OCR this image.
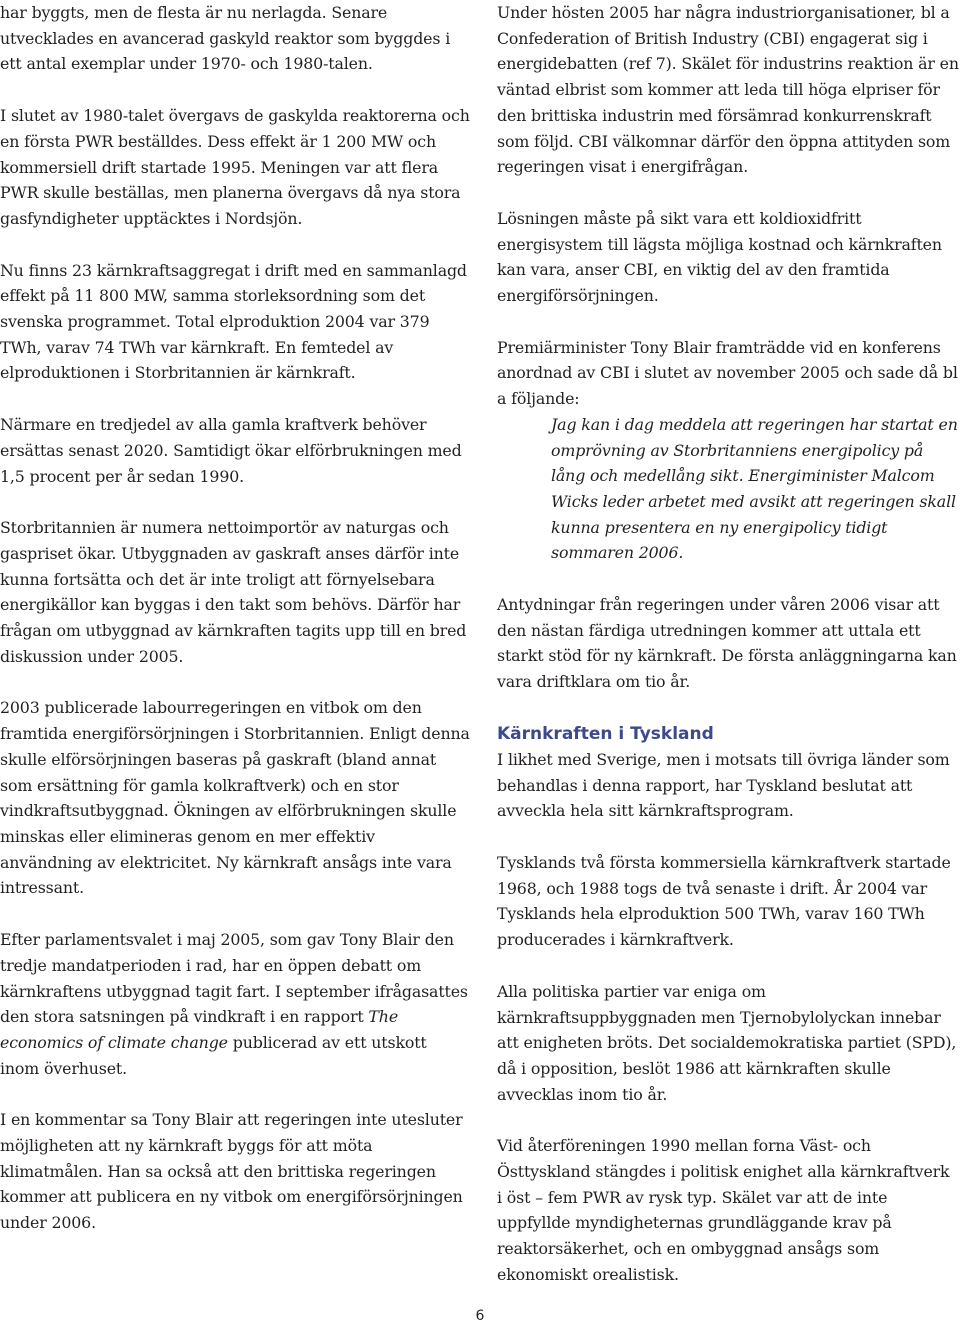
har byggts, men de flesta är nu nerlagda. Senare utvecklades en avancerad gaskyld reaktor som byggdes i ett antal exemplar under 1970- och 1980-talen.

I slutet av 1980-talet övergavs de gaskylda reaktorerna och en första PWR beställdes. Dess effekt är 1 200 MW och kommersiell drift startade 1995. Meningen var att flera PWR skulle beställas, men planerna övergavs då nya stora gasfyndigheter upptäcktes i Nordsjön.

Nu finns 23 kärnkraftsaggregat i drift med en sammanlagd effekt på 11 800 MW, samma storleksordning som det svenska programmet. Total elproduktion 2004 var 379 TWh, varav 74 TWh var kärnkraft. En femtedel av elproduktionen i Storbritannien är kärnkraft.

Närmare en tredjedel av alla gamla kraftverk behöver ersättas senast 2020. Samtidigt ökar elförbrukningen med 1,5 procent per år sedan 1990.

Storbritannien är numera nettoimportör av naturgas och gaspriset ökar. Utbyggnaden av gaskraft anses därför inte kunna fortsätta och det är inte troligt att förnyelsebara energikällor kan byggas i den takt som behövs. Därför har frågan om utbyggnad av kärnkraften tagits upp till en bred diskussion under 2005.

2003 publicerade labourregeringen en vitbok om den framtida energiförsörjningen i Storbritannien. Enligt denna skulle elförsörjningen baseras på gaskraft (bland annat som ersättning för gamla kolkraftverk) och en stor vindkraftsutbyggnad. Ökningen av elförbrukningen skulle minskas eller elimineras genom en mer effektiv användning av elektricitet. Ny kärnkraft ansågs inte vara intressant.

Efter parlamentsvalet i maj 2005, som gav Tony Blair den tredje mandatperioden i rad, har en öppen debatt om kärnkraftens utbyggnad tagit fart. I september ifrågasattes den stora satsningen på vindkraft i en rapport The economics of climate change publicerad av ett utskott inom överhuset.

I en kommentar sa Tony Blair att regeringen inte utesluter möjligheten att ny kärnkraft byggs för att möta klimatmålen. Han sa också att den brittiska regeringen kommer att publicera en ny vitbok om energiförsörjningen under 2006.

Under hösten 2005 har några industriorganisationer, bl a Confederation of British Industry (CBI) engagerat sig i energidebatten (ref 7). Skälet för industrins reaktion är en väntad elbrist som kommer att leda till höga elpriser för den brittiska industrin med försämrad konkurrenskraft som följd. CBI välkomnar därför den öppna attityden som regeringen visat i energifrågan.

Lösningen måste på sikt vara ett koldioxidfritt energisystem till lägsta möjliga kostnad och kärnkraften kan vara, anser CBI, en viktig del av den framtida energiförsörjningen.

Premiärminister Tony Blair framträdde vid en konferens anordnad av CBI i slutet av november 2005 och sade då bl a följande:

Jag kan i dag meddela att regeringen har startat en omprövning av Storbritanniens energipolicy på lång och medellång sikt. Energiminister Malcom Wicks leder arbetet med avsikt att regeringen skall kunna presentera en ny energipolicy tidigt sommaren 2006.

Antydningar från regeringen under våren 2006 visar att den nästan färdiga utredningen kommer att uttala ett starkt stöd för ny kärnkraft. De första anläggningarna kan vara driftklara om tio år.

Kärnkraften i Tyskland

I likhet med Sverige, men i motsats till övriga länder som behandlas i denna rapport, har Tyskland beslutat att avveckla hela sitt kärnkraftsprogram.

Tysklands två första kommersiella kärnkraftverk startade 1968, och 1988 togs de två senaste i drift. År 2004 var Tysklands hela elproduktion 500 TWh, varav 160 TWh producerades i kärnkraftverk.

Alla politiska partier var eniga om kärnkraftsuppbyggnaden men Tjernobylolyckan innebar att enigheten bröts. Det socialdemokratiska partiet (SPD), då i opposition, beslöt 1986 att kärnkraften skulle avvecklas inom tio år.

Vid återföreningen 1990 mellan forna Väst- och Östtyskland stängdes i politisk enighet alla kärnkraftverk i öst – fem PWR av rysk typ. Skälet var att de inte uppfyllde myndigheternas grundläggande krav på reaktorsäkerhet, och en ombyggnad ansågs som ekonomiskt orealistisk.

6
